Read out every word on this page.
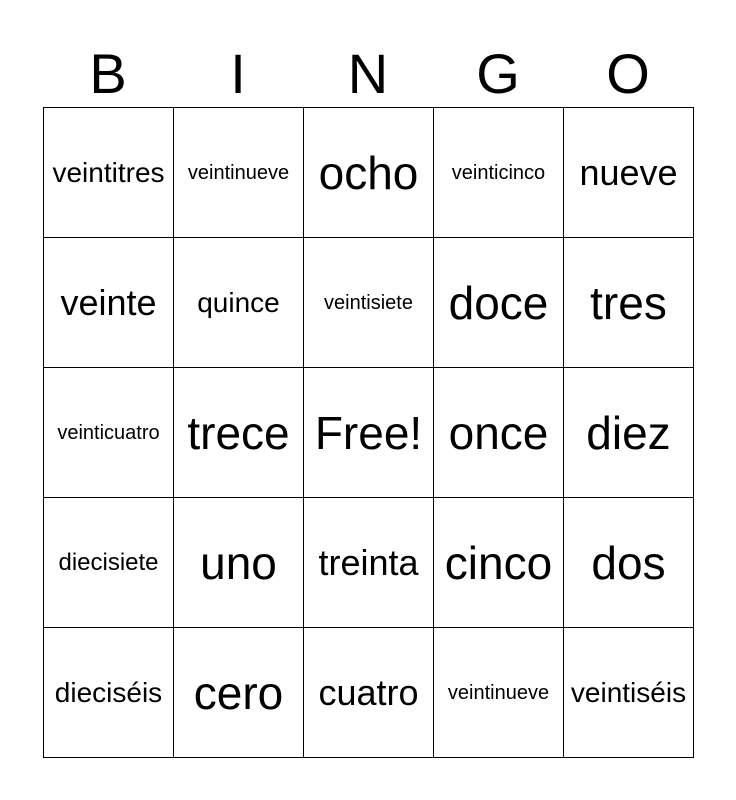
B	I	N	G	O
veintitres	veintinueve ocho	veinticinco nueve
veinte	quince	veintisiete doce tres
veinticuatro trece Free! once diez
diecisiete uno	treinta cinco dos
dieciséis cero cuatro	veintinueve veintiséis
